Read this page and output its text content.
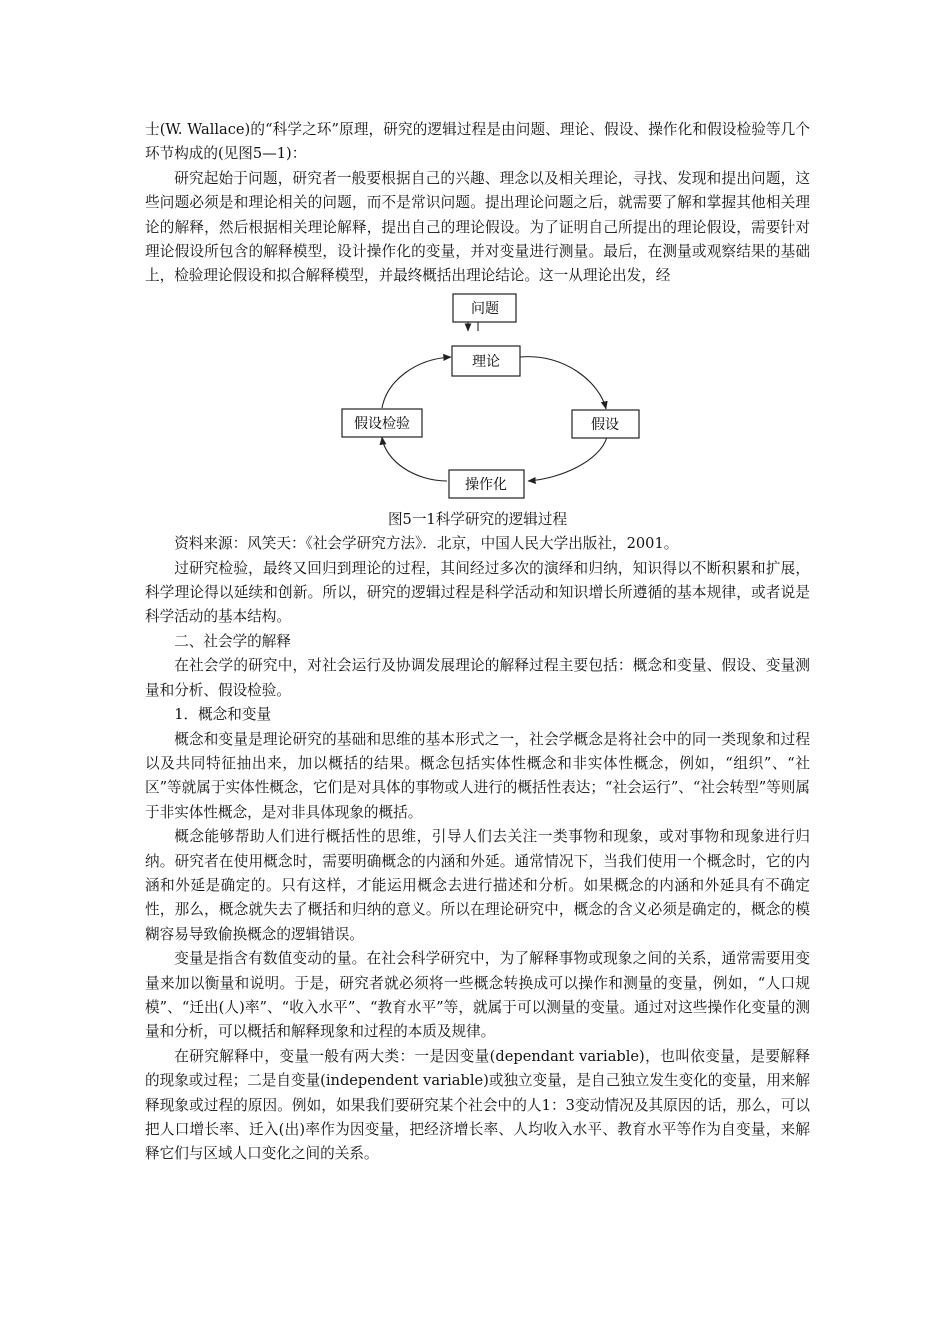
士(W. Wallace)的“科学之环”原理，研究的逻辑过程是由问题、理论、假设、操作化和假设检验等几个环节构成的(见图5—1)：

研究起始于问题，研究者一般要根据自己的兴趣、理念以及相关理论，寻找、发现和提出问题，这些问题必须是和理论相关的问题，而不是常识问题。提出理论问题之后，就需要了解和掌握其他相关理论的解释，然后根据相关理论解释，提出自己的理论假设。为了证明自己所提出的理论假设，需要针对理论假设所包含的解释模型，设计操作化的变量，并对变量进行测量。最后，在测量或观察结果的基础上，检验理论假设和拟合解释模型，并最终概括出理论结论。这一从理论出发，经

问题
理论
假设
假设检验
操作化

图5一1科学研究的逻辑过程

资料来源：风笑天：《社会学研究方法》．北京，中国人民大学出版社，2001。

过研究检验，最终又回归到理论的过程，其间经过多次的演绎和归纳，知识得以不断积累和扩展，科学理论得以延续和创新。所以，研究的逻辑过程是科学活动和知识增长所遵循的基本规律，或者说是科学活动的基本结构。

二、社会学的解释

在社会学的研究中，对社会运行及协调发展理论的解释过程主要包括：概念和变量、假设、变量测量和分析、假设检验。

1．概念和变量

概念和变量是理论研究的基础和思维的基本形式之一，社会学概念是将社会中的同一类现象和过程以及共同特征抽出来，加以概括的结果。概念包括实体性概念和非实体性概念，例如，“组织”、“社区”等就属于实体性概念，它们是对具体的事物或人进行的概括性表达；“社会运行”、“社会转型”等则属于非实体性概念，是对非具体现象的概括。

概念能够帮助人们进行概括性的思维，引导人们去关注一类事物和现象，或对事物和现象进行归纳。研究者在使用概念时，需要明确概念的内涵和外延。通常情况下，当我们使用一个概念时，它的内涵和外延是确定的。只有这样，才能运用概念去进行描述和分析。如果概念的内涵和外延具有不确定性，那么，概念就失去了概括和归纳的意义。所以在理论研究中，概念的含义必须是确定的，概念的模糊容易导致偷换概念的逻辑错误。

变量是指含有数值变动的量。在社会科学研究中，为了解释事物或现象之间的关系，通常需要用变量来加以衡量和说明。于是，研究者就必须将一些概念转换成可以操作和测量的变量，例如，“人口规模”、“迁出(人)率”、“收入水平”、“教育水平”等，就属于可以测量的变量。通过对这些操作化变量的测量和分析，可以概括和解释现象和过程的本质及规律。

在研究解释中，变量一般有两大类：一是因变量(dependant variable)，也叫依变量，是要解释的现象或过程；二是自变量(independent variable)或独立变量，是自己独立发生变化的变量，用来解释现象或过程的原因。例如，如果我们要研究某个社会中的人1：3变动情况及其原因的话，那么，可以把人口增长率、迁入(出)率作为因变量，把经济增长率、人均收入水平、教育水平等作为自变量，来解释它们与区域人口变化之间的关系。
